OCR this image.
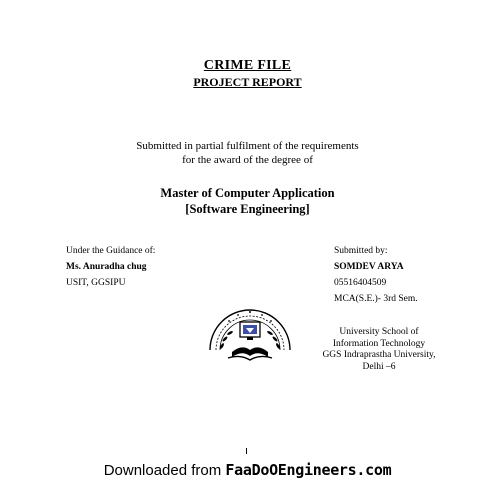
CRIME FILE
PROJECT REPORT
Submitted in partial fulfilment of the requirements
for the award of the degree of
Master of Computer Application
[Software Engineering]
Under the Guidance of:
Ms. Anuradha chug
USIT, GGSIPU
Submitted by:
SOMDEV ARYA
05516404509
MCA(S.E.)- 3rd Sem.
University School of
Information Technology
GGS Indraprastha University,
Delhi –6
Downloaded from FaaDoOEngineers.com
